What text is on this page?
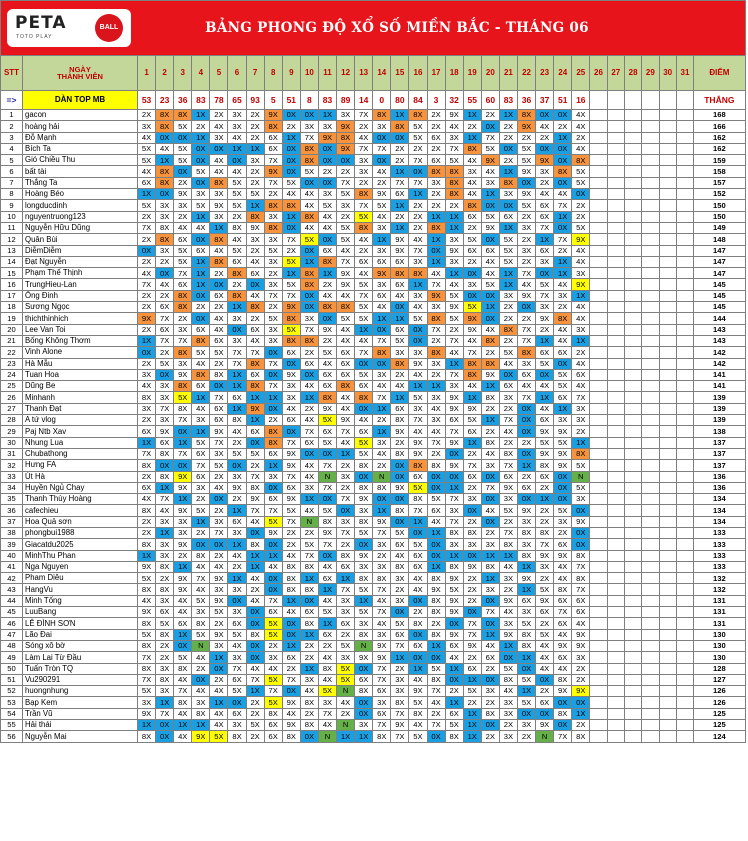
PETA BALL
TOTO PLAY
BẢNG PHONG ĐỘ XỔ SỐ MIỀN BẮC - THÁNG 06																																	

STT	NGÀY
THÀNH VIÊN	1	2	3	4	5	6	7	8	9	10	11	12	13	14	15	16	17	18	19	20	21	22	23	24	25	26	27	28	29	30	31	ĐIỂM
=>	DÀN TOP MB	53	23	36	83	78	65	93	5	51	8	83	89	14	0	80	84	3	32	55	60	83	36	37	51	16							THẮNG
1	gacon	2X	8X	8X	1X	2X	3X	2X	9X	0X	0X	1X	3X	7X	8X	1X	8X	2X	9X	1X	2X	1X	8X	0X	0X	4X							168
2	hoàng hải	3X	8X	5X	2X	4X	3X	2X	8X	2X	3X	3X	9X	2X	3X	8X	5X	2X	4X	2X	0X	2X	9X	4X	2X	4X							166
3	Đỗ Mạnh	4X	0X	0X	1X	3X	4X	2X	6X	1X	7X	9X	8X	4X	0X	0X	5X	6X	3X	1X	7X	2X	2X	2X	1X	2X							162
4	Bích Ta	5X	4X	5X	0X	0X	1X	1X	6X	0X	8X	0X	9X	7X	7X	2X	2X	2X	7X	8X	5X	0X	5X	0X	0X	4X							162
5	Gió Chiều Thu	5X	1X	5X	0X	4X	0X	3X	7X	0X	8X	0X	0X	3X	0X	2X	7X	6X	5X	4X	9X	2X	5X	9X	0X	8X							159
6	bất tài	4X	8X	0X	5X	4X	4X	2X	9X	0X	5X	2X	2X	3X	4X	1X	0X	8X	8X	3X	4X	1X	9X	3X	8X	5X							158
7	Thắng Ta	6X	8X	2X	0X	8X	5X	2X	7X	5X	0X	0X	7X	2X	2X	7X	7X	3X	8X	4X	3X	8X	0X	2X	0X	5X							157
8	Hoàng Béo	1X	0X	9X	3X	3X	5X	5X	2X	4X	4X	3X	5X	8X	9X	6X	1X	2X	8X	4X	1X	3X	9X	4X	4X	0X							152
9	longducdinh	5X	3X	3X	5X	9X	5X	1X	8X	8X	4X	5X	3X	7X	5X	1X	2X	2X	2X	8X	0X	0X	5X	6X	7X	2X							150
10	nguyentruong123	2X	3X	2X	1X	3X	2X	8X	3X	1X	8X	4X	2X	5X	4X	2X	2X	1X	1X	6X	5X	6X	2X	6X	1X	2X							150
11	Nguyễn Hữu Dũng	7X	8X	4X	4X	1X	8X	9X	8X	0X	4X	4X	5X	8X	3X	1X	2X	8X	1X	2X	9X	1X	3X	7X	0X	5X							149
12	Quân Bùi	2X	8X	6X	0X	8X	4X	3X	3X	7X	5X	0X	5X	4X	1X	9X	4X	1X	3X	5X	0X	5X	2X	1X	7X	9X							148
13	DiễmDiễm	0X	3X	5X	6X	4X	5X	2X	5X	2X	0X	6X	4X	2X	3X	9X	7X	0X	9X	6X	6X	5X	3X	6X	2X	4X							147
14	Đạt Nguyễn	2X	2X	5X	1X	8X	6X	4X	3X	5X	1X	8X	7X	6X	6X	6X	3X	1X	3X	2X	4X	5X	2X	3X	1X	4X							147
15	Phạm Thế Thịnh	4X	0X	7X	1X	2X	8X	6X	2X	1X	8X	1X	9X	4X	9X	8X	8X	4X	1X	0X	4X	1X	7X	0X	1X	3X							147
16	TrungHieu-Lan	7X	4X	6X	1X	0X	2X	0X	3X	5X	8X	2X	9X	5X	3X	6X	1X	7X	4X	3X	5X	1X	4X	5X	4X	9X							145
17	Ông Đinh	2X	2X	8X	0X	6X	8X	4X	7X	7X	0X	4X	4X	7X	6X	4X	3X	9X	5X	0X	0X	3X	9X	7X	3X	1X							145
18	Sương Ngọc	2X	6X	8X	2X	2X	1X	8X	2X	9X	0X	8X	8X	5X	4X	0X	4X	3X	9X	5X	1X	2X	0X	3X	2X	4X							145
19	thichthinhich	9X	7X	2X	0X	4X	3X	2X	5X	8X	3X	0X	5X	5X	1X	1X	5X	8X	5X	9X	0X	2X	2X	9X	8X	4X							144
20	Lee Van Toi	2X	6X	3X	6X	4X	0X	6X	3X	5X	7X	9X	4X	1X	0X	6X	0X	7X	2X	9X	4X	8X	7X	2X	4X	3X							143
21	Bống Không Thơm	1X	7X	7X	8X	6X	3X	4X	3X	8X	8X	2X	4X	4X	7X	5X	0X	2X	7X	4X	8X	2X	7X	1X	4X	1X							143
22	Vinh Alone	0X	2X	8X	5X	5X	7X	7X	0X	6X	2X	5X	6X	7X	8X	3X	3X	8X	4X	7X	2X	5X	8X	6X	6X	2X							142
23	Hà Mẫu	2X	5X	3X	4X	2X	7X	8X	7X	0X	6X	4X	6X	0X	0X	8X	9X	3X	1X	8X	8X	4X	3X	5X	0X	4X							142
24	Tuan Hoa	3X	0X	9X	8X	8X	1X	6X	0X	9X	0X	6X	6X	5X	3X	2X	4X	2X	7X	8X	9X	0X	6X	0X	5X	6X							141
25	Dũng Be	4X	3X	8X	6X	0X	1X	8X	7X	3X	4X	6X	8X	6X	4X	4X	1X	1X	3X	4X	1X	6X	4X	4X	5X	4X							141
26	Minhanh	8X	3X	5X	1X	7X	6X	1X	1X	3X	1X	8X	4X	8X	7X	1X	5X	3X	9X	1X	8X	3X	7X	1X	6X	7X							139
27	Thanh Đạt	3X	7X	8X	4X	6X	1X	9X	0X	4X	2X	9X	4X	0X	1X	6X	3X	4X	9X	9X	2X	2X	0X	4X	1X	3X							139
28	A tứ vlog	2X	3X	7X	3X	6X	8X	1X	2X	6X	4X	5X	9X	4X	2X	8X	7X	3X	6X	5X	1X	7X	0X	6X	3X	3X							139
29	Paj Ntb Xav	6X	9X	0X	1X	9X	4X	6X	8X	0X	7X	6X	7X	6X	1X	9X	4X	4X	7X	6X	2X	4X	0X	9X	9X	2X							138
30	Nhung Lua	1X	6X	1X	5X	7X	2X	0X	8X	7X	6X	5X	4X	5X	3X	2X	9X	7X	9X	1X	8X	2X	2X	5X	5X	1X							137
31	Chubathong	7X	8X	7X	6X	3X	5X	5X	6X	9X	0X	0X	1X	5X	4X	8X	9X	2X	0X	2X	4X	8X	0X	9X	9X	8X							137
32	Hưng FA	8X	0X	0X	7X	5X	0X	2X	1X	9X	4X	7X	2X	8X	2X	0X	8X	8X	9X	7X	3X	7X	1X	8X	9X	5X							137
33	Út Hà	2X	8X	9X	6X	2X	3X	7X	3X	7X	4X	N	3X	0X	N	0X	6X	0X	0X	6X	0X	6X	2X	6X	0X	N							136
34	Huyền Ngủ Chay	6X	1X	9X	3X	4X	9X	8X	0X	6X	3X	7X	2X	8X	8X	9X	5X	0X	1X	2X	7X	9X	6X	2X	0X	5X							136
35	Thanh Thùy Hoàng	4X	7X	1X	2X	0X	2X	9X	6X	9X	1X	0X	7X	9X	0X	0X	8X	5X	7X	3X	0X	3X	0X	1X	0X	3X							134
36	cafechieu	8X	4X	9X	5X	2X	1X	7X	7X	5X	4X	5X	0X	3X	1X	8X	7X	6X	3X	0X	4X	5X	9X	2X	5X	0X							134
37	Hoa Quả sơn	2X	3X	3X	1X	3X	6X	4X	5X	7X	N	8X	3X	8X	9X	0X	1X	4X	7X	2X	0X	2X	3X	2X	3X	9X							134
38	phongbui1988	2X	1X	3X	2X	7X	3X	0X	9X	2X	2X	9X	7X	5X	7X	5X	0X	1X	8X	8X	2X	7X	8X	8X	2X	0X							133
39	Giacatdu2025	8X	3X	9X	0X	0X	1X	8X	0X	2X	5X	7X	2X	0X	3X	6X	5X	0X	3X	3X	3X	8X	3X	7X	6X	0X							133
40	MinhThu Phan	1X	3X	2X	8X	2X	4X	1X	1X	4X	7X	0X	8X	9X	2X	4X	6X	0X	1X	0X	1X	1X	8X	9X	9X	8X							133
41	Nga Nguyen	9X	8X	1X	4X	4X	2X	1X	4X	8X	8X	4X	6X	3X	3X	8X	6X	1X	8X	9X	8X	4X	1X	3X	4X	7X							133
42	Pham Diêu	5X	2X	9X	7X	9X	1X	4X	0X	8X	1X	6X	1X	8X	8X	3X	4X	8X	9X	2X	1X	3X	9X	2X	4X	8X							132
43	HangVu	8X	8X	9X	4X	3X	3X	2X	0X	8X	8X	1X	7X	5X	7X	2X	4X	9X	5X	2X	3X	2X	1X	5X	8X	7X							132
44	Minh Tống	4X	3X	4X	5X	9X	0X	4X	7X	1X	0X	4X	3X	1X	4X	3X	0X	8X	9X	2X	0X	9X	6X	9X	6X	6X							131
45	LuuBang	9X	6X	4X	3X	5X	3X	0X	6X	4X	6X	5X	3X	5X	7X	0X	2X	8X	9X	0X	7X	4X	3X	6X	7X	6X							131
46	LÊ ĐÌNH SƠN	8X	5X	6X	8X	2X	6X	0X	5X	0X	8X	1X	6X	3X	4X	5X	8X	2X	0X	7X	0X	3X	5X	2X	6X	4X							131
47	Lão Đai	5X	8X	1X	5X	9X	5X	8X	5X	0X	1X	6X	2X	8X	3X	6X	0X	8X	9X	7X	1X	9X	8X	5X	4X	9X							130
48	Sóng xô bờ	8X	2X	0X	N	3X	4X	0X	2X	1X	2X	2X	5X	N	9X	7X	6X	1X	6X	9X	4X	1X	8X	4X	9X	9X							130
49	Làm Lai Từ Đầu	7X	2X	5X	4X	1X	3X	0X	3X	6X	2X	4X	3X	9X	9X	1X	0X	0X	4X	2X	6X	0X	1X	4X	6X	3X							130
50	Tuấn Tròn TQ	8X	3X	8X	2X	0X	7X	4X	4X	2X	1X	8X	5X	0X	7X	2X	1X	5X	1X	6X	2X	5X	0X	4X	4X	2X							128
51	Vu290291	7X	8X	4X	0X	2X	6X	7X	5X	7X	3X	4X	5X	6X	7X	3X	4X	8X	0X	1X	0X	8X	5X	0X	8X	2X							127
52	huongnhung	5X	3X	7X	4X	4X	5X	1X	7X	0X	4X	5X	N	8X	6X	3X	9X	7X	2X	5X	3X	4X	1X	2X	9X	9X							126
53	Bạp Kem	3X	1X	8X	3X	1X	0X	2X	5X	9X	8X	3X	4X	0X	3X	8X	5X	4X	1X	2X	2X	3X	5X	6X	0X	0X							126
54	Trần Vũ	9X	7X	4X	8X	4X	6X	2X	8X	4X	2X	7X	2X	0X	6X	7X	8X	2X	6X	1X	8X	3X	0X	0X	8X	1X							125
55	Hải thái	1X	0X	1X	1X	4X	3X	5X	6X	9X	8X	4X	N	3X	7X	9X	4X	7X	5X	1X	0X	2X	3X	9X	0X	2X							125
56	Nguyễn Mai	8X	0X	4X	9X	5X	8X	2X	6X	8X	0X	N	1X	1X	8X	7X	5X	0X	8X	1X	2X	3X	2X	N	7X	8X							124
